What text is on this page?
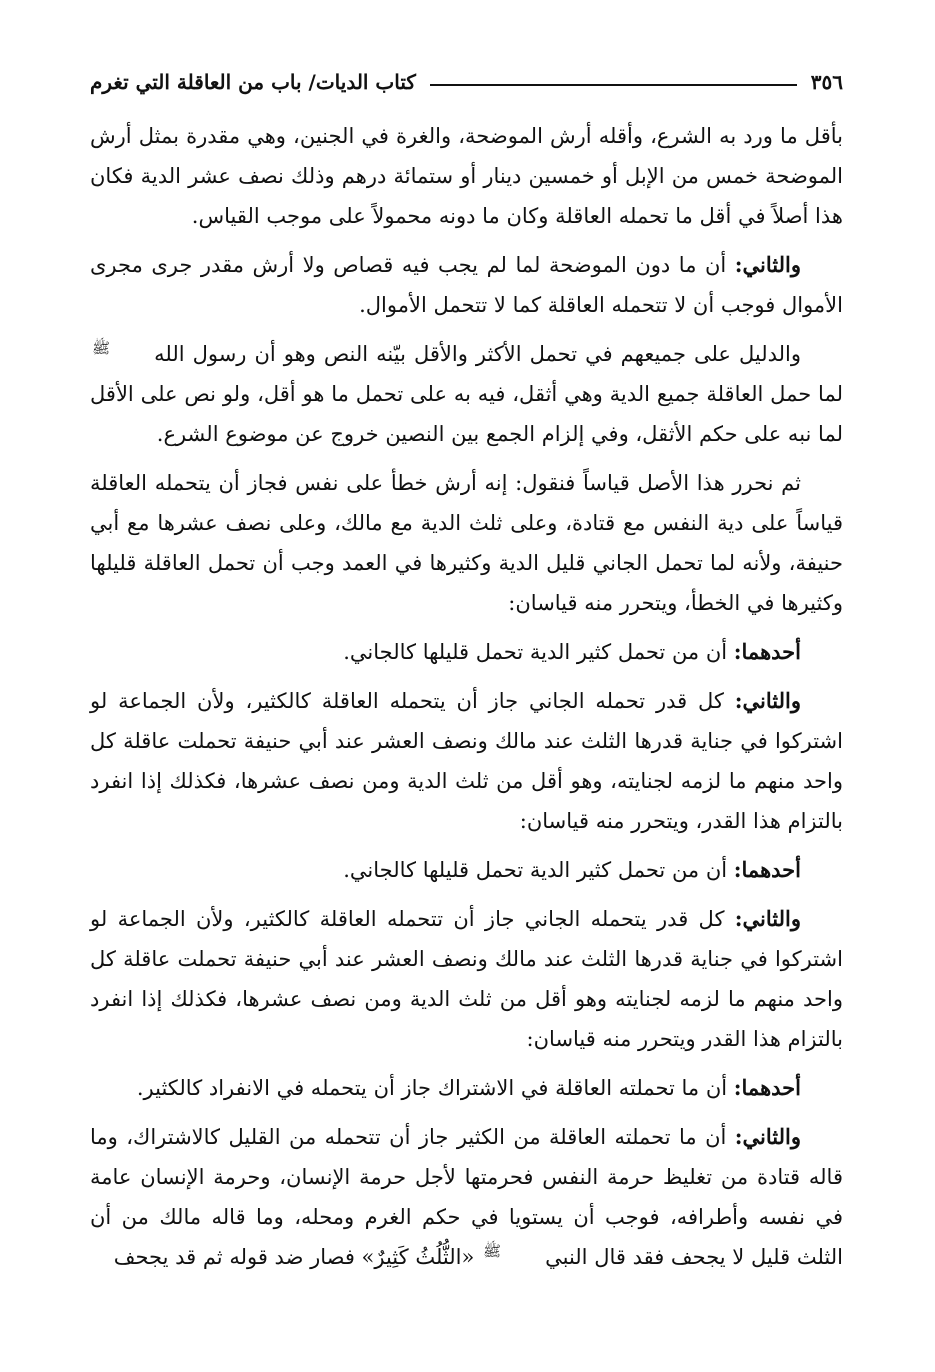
٣٥٦
كتاب الديات/ باب من العاقلة التي تغرم

بأقل ما ورد به الشرع، وأقله أرش الموضحة، والغرة في الجنين، وهي مقدرة بمثل أرش الموضحة خمس من الإبل أو خمسين دينار أو ستمائة درهم وذلك نصف عشر الدية فكان هذا أصلاً في أقل ما تحمله العاقلة وكان ما دونه محمولاً على موجب القياس.

والثاني: أن ما دون الموضحة لما لم يجب فيه قصاص ولا أرش مقدر جرى مجرى الأموال فوجب أن لا تتحمله العاقلة كما لا تتحمل الأموال.

والدليل على جميعهم في تحمل الأكثر والأقل بيّنه النص وهو أن رسول اللهﷺ لما حمل العاقلة جميع الدية وهي أثقل، فيه به على تحمل ما هو أقل، ولو نص على الأقل لما نبه على حكم الأثقل، وفي إلزام الجمع بين النصين خروج عن موضوع الشرع.

ثم نحرر هذا الأصل قياساً فنقول: إنه أرش خطأ على نفس فجاز أن يتحمله العاقلة قياساً على دية النفس مع قتادة، وعلى ثلث الدية مع مالك، وعلى نصف عشرها مع أبي حنيفة، ولأنه لما تحمل الجاني قليل الدية وكثيرها في العمد وجب أن تحمل العاقلة قليلها وكثيرها في الخطأ، ويتحرر منه قياسان:

أحدهما: أن من تحمل كثير الدية تحمل قليلها كالجاني.

والثاني: كل قدر تحمله الجاني جاز أن يتحمله العاقلة كالكثير، ولأن الجماعة لو اشتركوا في جناية قدرها الثلث عند مالك ونصف العشر عند أبي حنيفة تحملت عاقلة كل واحد منهم ما لزمه لجنايته، وهو أقل من ثلث الدية ومن نصف عشرها، فكذلك إذا انفرد بالتزام هذا القدر، ويتحرر منه قياسان:

أحدهما: أن من تحمل كثير الدية تحمل قليلها كالجاني.

والثاني: كل قدر يتحمله الجاني جاز أن تتحمله العاقلة كالكثير، ولأن الجماعة لو اشتركوا في جناية قدرها الثلث عند مالك ونصف العشر عند أبي حنيفة تحملت عاقلة كل واحد منهم ما لزمه لجنايته وهو أقل من ثلث الدية ومن نصف عشرها، فكذلك إذا انفرد بالتزام هذا القدر ويتحرر منه قياسان:

أحدهما: أن ما تحملته العاقلة في الاشتراك جاز أن يتحمله في الانفراد كالكثير.

والثاني: أن ما تحملته العاقلة من الكثير جاز أن تتحمله من القليل كالاشتراك، وما قاله قتادة من تغليظ حرمة النفس فحرمتها لأجل حرمة الإنسان، وحرمة الإنسان عامة في نفسه وأطرافه، فوجب أن يستويا في حكم الغرم ومحله، وما قاله مالك من أن الثلث قليل لا يجحف فقد قال النبيﷺ «الثُّلُثُ كَثِيرٌ» فصار ضد قوله ثم قد يجحف
